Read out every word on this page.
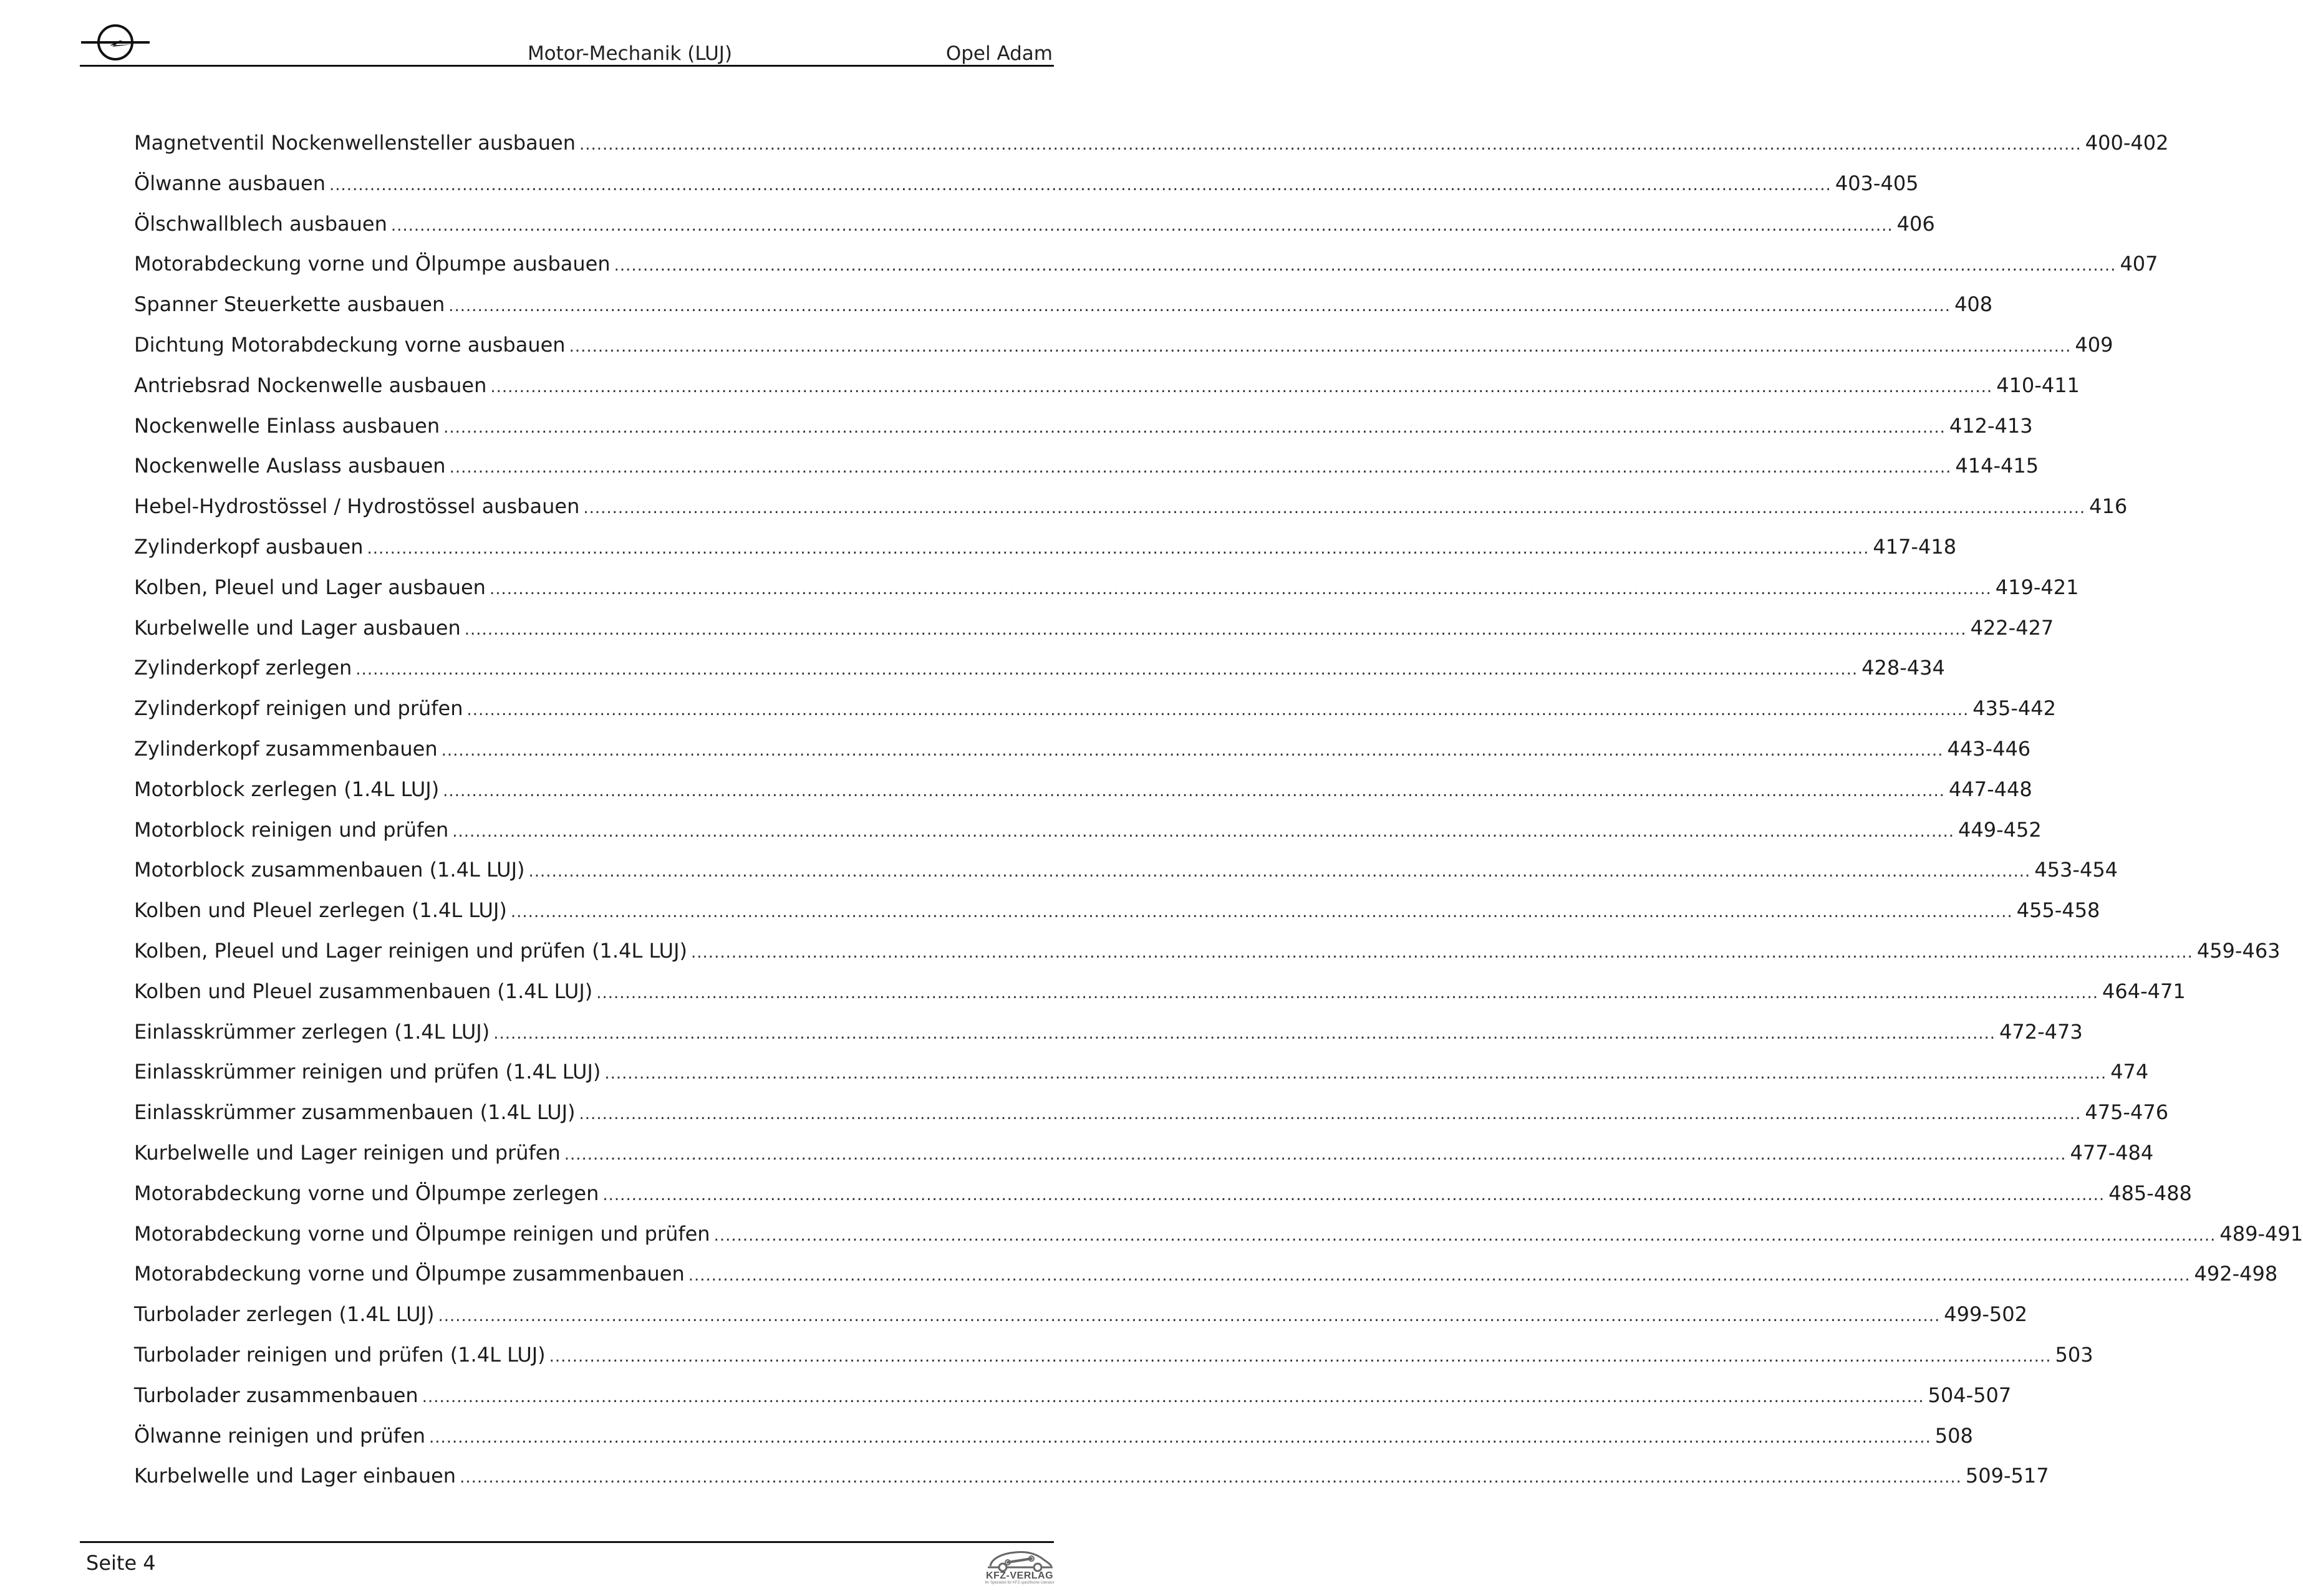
Motor-Mechanik (LUJ)	Opel Adam
Magnetventil Nockenwellensteller ausbauen .................................................................................................................................................................................................................................................................... 400-402
Ölwanne ausbauen .................................................................................................................................................................................................................................................................... 403-405
Ölschwallblech ausbauen .................................................................................................................................................................................................................................................................... 406
Motorabdeckung vorne und Ölpumpe ausbauen .................................................................................................................................................................................................................................................................... 407
Spanner Steuerkette ausbauen .................................................................................................................................................................................................................................................................... 408
Dichtung Motorabdeckung vorne ausbauen .................................................................................................................................................................................................................................................................... 409
Antriebsrad Nockenwelle ausbauen .................................................................................................................................................................................................................................................................... 410-411
Nockenwelle Einlass ausbauen .................................................................................................................................................................................................................................................................... 412-413
Nockenwelle Auslass ausbauen .................................................................................................................................................................................................................................................................... 414-415
Hebel-Hydrostössel / Hydrostössel ausbauen .................................................................................................................................................................................................................................................................... 416
Zylinderkopf ausbauen .................................................................................................................................................................................................................................................................... 417-418
Kolben, Pleuel und Lager ausbauen .................................................................................................................................................................................................................................................................... 419-421
Kurbelwelle und Lager ausbauen .................................................................................................................................................................................................................................................................... 422-427
Zylinderkopf zerlegen .................................................................................................................................................................................................................................................................... 428-434
Zylinderkopf reinigen und prüfen .................................................................................................................................................................................................................................................................... 435-442
Zylinderkopf zusammenbauen .................................................................................................................................................................................................................................................................... 443-446
Motorblock zerlegen (1.4L LUJ) .................................................................................................................................................................................................................................................................... 447-448
Motorblock reinigen und prüfen .................................................................................................................................................................................................................................................................... 449-452
Motorblock zusammenbauen (1.4L LUJ) .................................................................................................................................................................................................................................................................... 453-454
Kolben und Pleuel zerlegen (1.4L LUJ) .................................................................................................................................................................................................................................................................... 455-458
Kolben, Pleuel und Lager reinigen und prüfen (1.4L LUJ) .................................................................................................................................................................................................................................................................... 459-463
Kolben und Pleuel zusammenbauen (1.4L LUJ) .................................................................................................................................................................................................................................................................... 464-471
Einlasskrümmer zerlegen (1.4L LUJ) .................................................................................................................................................................................................................................................................... 472-473
Einlasskrümmer reinigen und prüfen (1.4L LUJ) .................................................................................................................................................................................................................................................................... 474
Einlasskrümmer zusammenbauen (1.4L LUJ) .................................................................................................................................................................................................................................................................... 475-476
Kurbelwelle und Lager reinigen und prüfen .................................................................................................................................................................................................................................................................... 477-484
Motorabdeckung vorne und Ölpumpe zerlegen .................................................................................................................................................................................................................................................................... 485-488
Motorabdeckung vorne und Ölpumpe reinigen und prüfen .................................................................................................................................................................................................................................................................... 489-491
Motorabdeckung vorne und Ölpumpe zusammenbauen .................................................................................................................................................................................................................................................................... 492-498
Turbolader zerlegen (1.4L LUJ) .................................................................................................................................................................................................................................................................... 499-502
Turbolader reinigen und prüfen (1.4L LUJ) .................................................................................................................................................................................................................................................................... 503
Turbolader zusammenbauen .................................................................................................................................................................................................................................................................... 504-507
Ölwanne reinigen und prüfen .................................................................................................................................................................................................................................................................... 508
Kurbelwelle und Lager einbauen .................................................................................................................................................................................................................................................................... 509-517
Seite 4
KFZ-VERLAG
Ihr Spezialist für KFZ-spezifische Literatur
